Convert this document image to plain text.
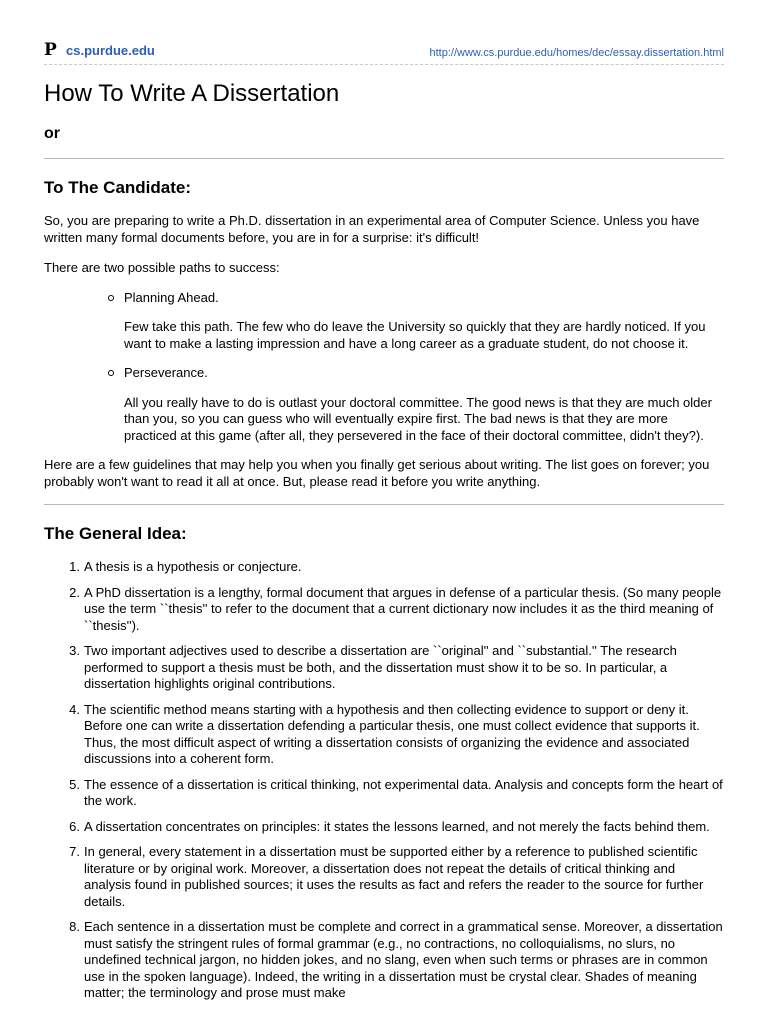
P cs.purdue.edu	http://www.cs.purdue.edu/homes/dec/essay.dissertation.html
How To Write A Dissertation
or
To The Candidate:

So, you are preparing to write a Ph.D. dissertation in an experimental area of Computer Science. Unless you have written many formal documents before, you are in for a surprise: it's difficult!

There are two possible paths to success:

Planning Ahead.
Few take this path. The few who do leave the University so quickly that they are hardly noticed. If you want to make a lasting impression and have a long career as a graduate student, do not choose it.
Perseverance.
All you really have to do is outlast your doctoral committee. The good news is that they are much older than you, so you can guess who will eventually expire first. The bad news is that they are more practiced at this game (after all, they persevered in the face of their doctoral committee, didn't they?).

Here are a few guidelines that may help you when you finally get serious about writing. The list goes on forever; you probably won't want to read it all at once. But, please read it before you write anything.

The General Idea:
1. A thesis is a hypothesis or conjecture.
2. A PhD dissertation is a lengthy, formal document that argues in defense of a particular thesis. (So many people use the term ``thesis'' to refer to the document that a current dictionary now includes it as the third meaning of ``thesis'').
3. Two important adjectives used to describe a dissertation are ``original'' and ``substantial.'' The research performed to support a thesis must be both, and the dissertation must show it to be so. In particular, a dissertation highlights original contributions.
4. The scientific method means starting with a hypothesis and then collecting evidence to support or deny it. Before one can write a dissertation defending a particular thesis, one must collect evidence that supports it. Thus, the most difficult aspect of writing a dissertation consists of organizing the evidence and associated discussions into a coherent form.
5. The essence of a dissertation is critical thinking, not experimental data. Analysis and concepts form the heart of the work.
6. A dissertation concentrates on principles: it states the lessons learned, and not merely the facts behind them.
7. In general, every statement in a dissertation must be supported either by a reference to published scientific literature or by original work. Moreover, a dissertation does not repeat the details of critical thinking and analysis found in published sources; it uses the results as fact and refers the reader to the source for further details.
8. Each sentence in a dissertation must be complete and correct in a grammatical sense. Moreover, a dissertation must satisfy the stringent rules of formal grammar (e.g., no contractions, no colloquialisms, no slurs, no undefined technical jargon, no hidden jokes, and no slang, even when such terms or phrases are in common use in the spoken language). Indeed, the writing in a dissertation must be crystal clear. Shades of meaning matter; the terminology and prose must make
